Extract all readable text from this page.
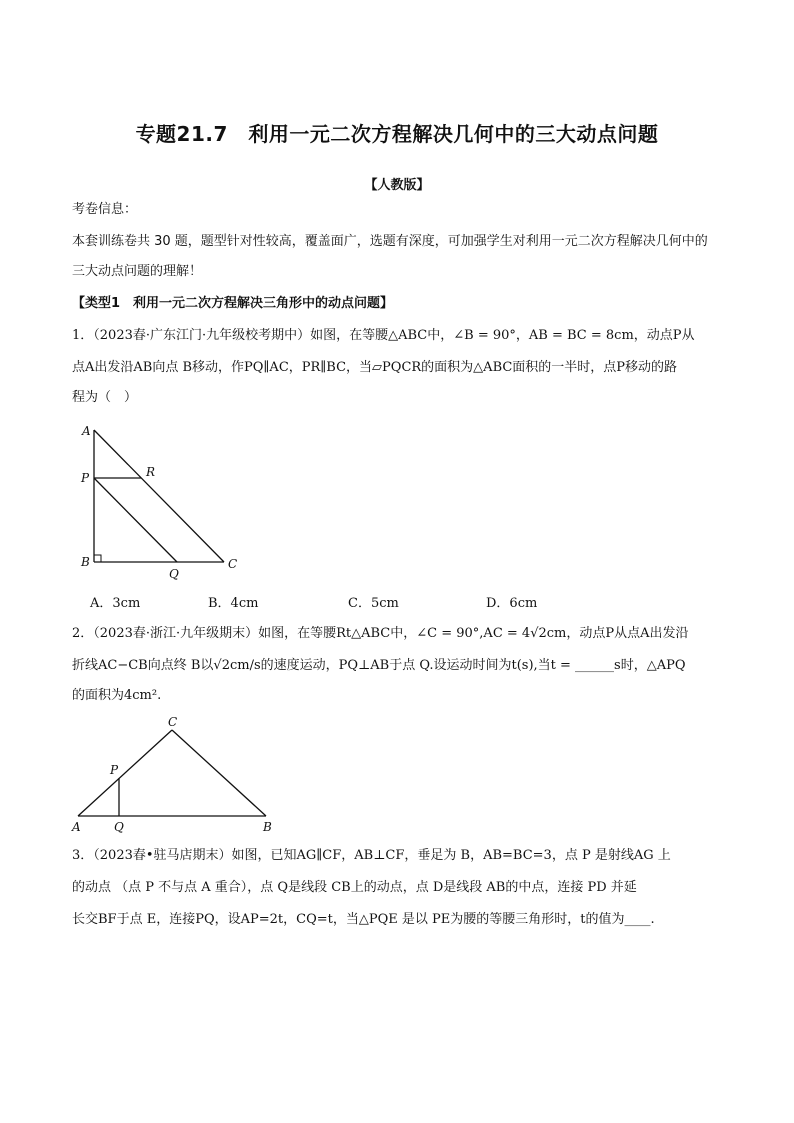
专题21.7　利用一元二次方程解决几何中的三大动点问题
【人教版】
考卷信息：
本套训练卷共 30 题，题型针对性较高，覆盖面广，选题有深度，可加强学生对利用一元二次方程解决几何中的
三大动点问题的理解！
【类型1　利用一元二次方程解决三角形中的动点问题】
1．（2023春·广东江门·九年级校考期中）如图，在等腰△ABC中，∠B = 90°，AB = BC = 8cm，动点P从
点A出发沿AB向点 B移动，作PQ∥AC，PR∥BC，当▱PQCR的面积为△ABC面积的一半时，点P移动的路
程为（　）
A
P	R
B
Q
C
A．3cm	B．4cm	C．5cm	D．6cm
2．（2023春·浙江·九年级期末）如图，在等腰Rt△ABC中，∠C = 90°,AC = 4√2cm，动点P从点A出发沿
折线AC−CB向点终 B以√2cm/s的速度运动，PQ⊥AB于点 Q.设运动时间为t(s),当t = ______s时，△APQ
的面积为4cm².
C
P
A	Q	B
3．（2023春•驻马店期末）如图，已知AG∥CF，AB⊥CF，垂足为 B，AB=BC=3，点 P 是射线AG 上
的动点 （点 P 不与点 A 重合），点 Q是线段 CB上的动点，点 D是线段 AB的中点，连接 PD 并延
长交BF于点 E，连接PQ，设AP=2t，CQ=t，当△PQE 是以 PE为腰的等腰三角形时，t的值为____.
